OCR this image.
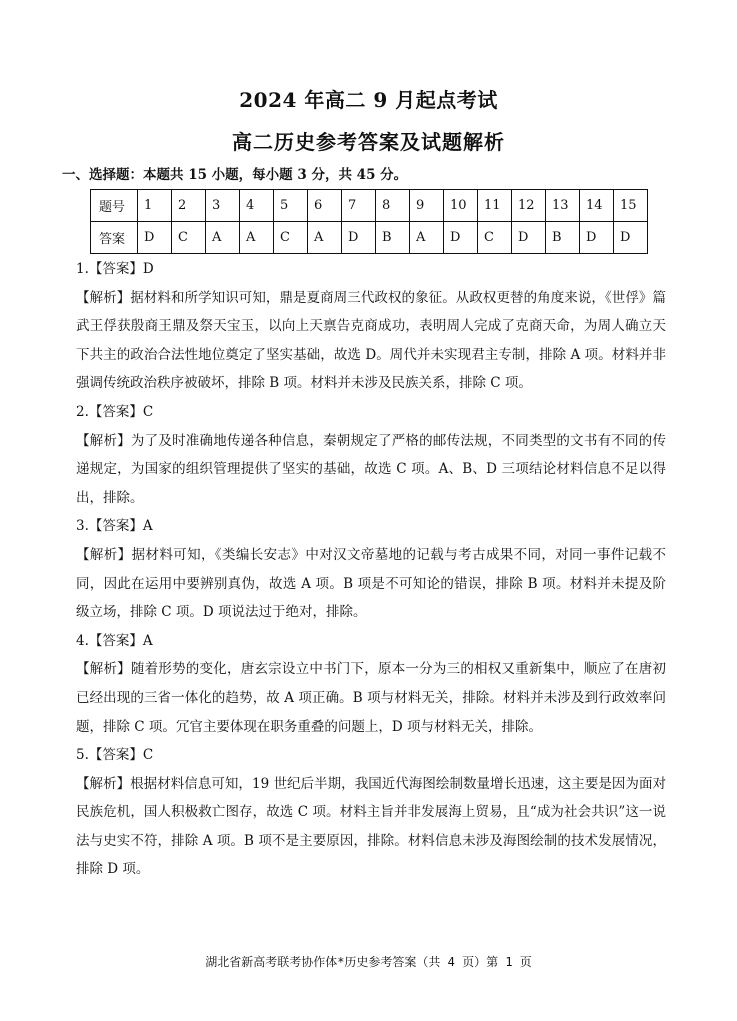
2024 年高二 9 月起点考试
高二历史参考答案及试题解析
一、选择题：本题共 15 小题，每小题 3 分，共 45 分。
题号	1	2	3	4	5	6	7	8	9	10	11	12	13	14	15
答案	D	C	A	A	C	A	D	B	A	D	C	D	B	D	D
1.【答案】D
【解析】据材料和所学知识可知，鼎是夏商周三代政权的象征。从政权更替的角度来说，《世俘》篇武王俘获殷商王鼎及祭天宝玉，以向上天禀告克商成功，表明周人完成了克商天命，为周人确立天下共主的政治合法性地位奠定了坚实基础，故选 D。周代并未实现君主专制，排除 A 项。材料并非强调传统政治秩序被破坏，排除 B 项。材料并未涉及民族关系，排除 C 项。
2.【答案】C
【解析】为了及时准确地传递各种信息，秦朝规定了严格的邮传法规，不同类型的文书有不同的传递规定，为国家的组织管理提供了坚实的基础，故选 C 项。A、B、D 三项结论材料信息不足以得出，排除。
3.【答案】A
【解析】据材料可知，《类编长安志》中对汉文帝墓地的记载与考古成果不同，对同一事件记载不同，因此在运用中要辨别真伪，故选 A 项。B 项是不可知论的错误，排除 B 项。材料并未提及阶级立场，排除 C 项。D 项说法过于绝对，排除。
4.【答案】A
【解析】随着形势的变化，唐玄宗设立中书门下，原本一分为三的相权又重新集中，顺应了在唐初已经出现的三省一体化的趋势，故 A 项正确。B 项与材料无关，排除。材料并未涉及到行政效率问题，排除 C 项。冗官主要体现在职务重叠的问题上，D 项与材料无关，排除。
5.【答案】C
【解析】根据材料信息可知，19 世纪后半期，我国近代海图绘制数量增长迅速，这主要是因为面对民族危机，国人积极救亡图存，故选 C 项。材料主旨并非发展海上贸易，且“成为社会共识”这一说法与史实不符，排除 A 项。B 项不是主要原因，排除。材料信息未涉及海图绘制的技术发展情况，排除 D 项。
湖北省新高考联考协作体*历史参考答案（共 4 页）第 1 页
